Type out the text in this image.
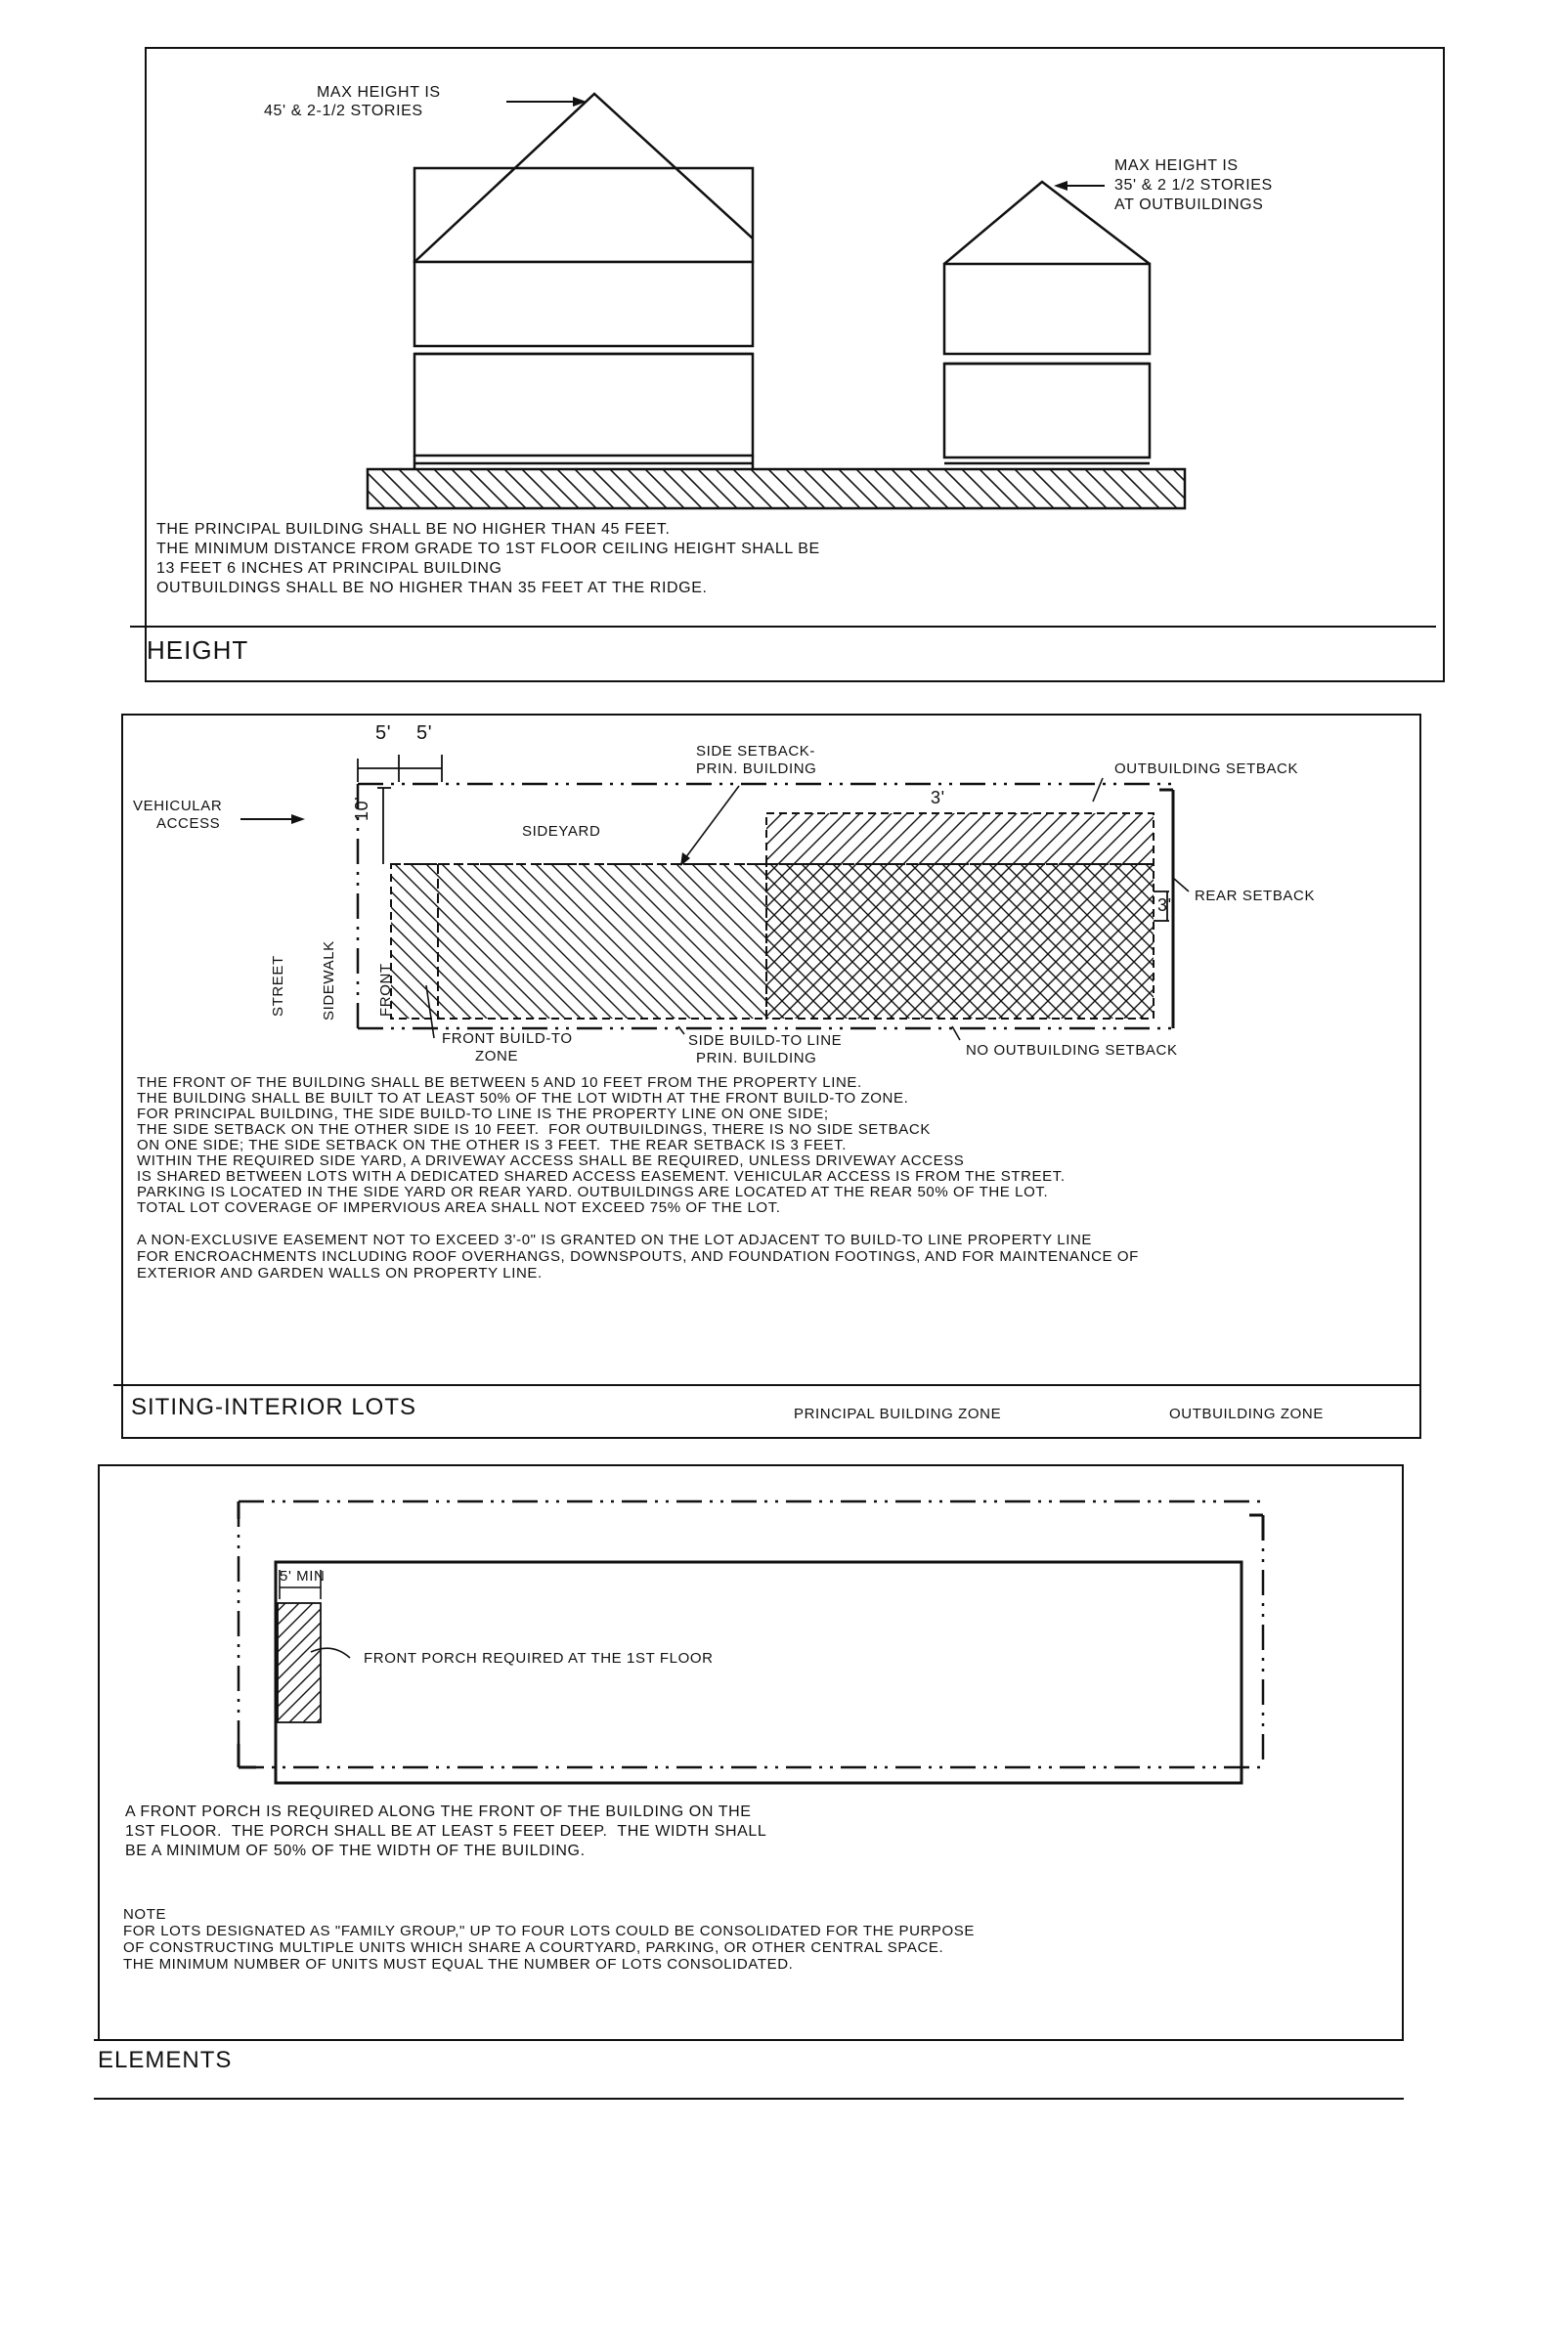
MAX HEIGHT IS
45' & 2-1/2 STORIES
MAX HEIGHT IS
35' & 2 1/2 STORIES
AT OUTBUILDINGS
THE PRINCIPAL BUILDING SHALL BE NO HIGHER THAN 45 FEET.
THE MINIMUM DISTANCE FROM GRADE TO 1ST FLOOR CEILING HEIGHT SHALL BE
13 FEET 6 INCHES AT PRINCIPAL BUILDING
OUTBUILDINGS SHALL BE NO HIGHER THAN 35 FEET AT THE RIDGE.
HEIGHT
5' 5'
10'	3'
3'
SIDE SETBACK-
PRIN. BUILDING	OUTBUILDING SETBACK
VEHICULAR
ACCESS	SIDEYARD
REAR SETBACK
STREET SIDEWALK	FRONT
FRONT BUILD-TO
ZONE
SIDE BUILD-TO LINE
PRIN. BUILDING	NO OUTBUILDING SETBACK
THE FRONT OF THE BUILDING SHALL BE BETWEEN 5 AND 10 FEET FROM THE PROPERTY LINE.
THE BUILDING SHALL BE BUILT TO AT LEAST 50% OF THE LOT WIDTH AT THE FRONT BUILD-TO ZONE.
FOR PRINCIPAL BUILDING, THE SIDE BUILD-TO LINE IS THE PROPERTY LINE ON ONE SIDE;
THE SIDE SETBACK ON THE OTHER SIDE IS 10 FEET.  FOR OUTBUILDINGS, THERE IS NO SIDE SETBACK
ON ONE SIDE; THE SIDE SETBACK ON THE OTHER IS 3 FEET.  THE REAR SETBACK IS 3 FEET.
WITHIN THE REQUIRED SIDE YARD, A DRIVEWAY ACCESS SHALL BE REQUIRED, UNLESS DRIVEWAY ACCESS
IS SHARED BETWEEN LOTS WITH A DEDICATED SHARED ACCESS EASEMENT. VEHICULAR ACCESS IS FROM THE STREET.
PARKING IS LOCATED IN THE SIDE YARD OR REAR YARD. OUTBUILDINGS ARE LOCATED AT THE REAR 50% OF THE LOT.
TOTAL LOT COVERAGE OF IMPERVIOUS AREA SHALL NOT EXCEED 75% OF THE LOT.
A NON-EXCLUSIVE EASEMENT NOT TO EXCEED 3'-0" IS GRANTED ON THE LOT ADJACENT TO BUILD-TO LINE PROPERTY LINE
FOR ENCROACHMENTS INCLUDING ROOF OVERHANGS, DOWNSPOUTS, AND FOUNDATION FOOTINGS, AND FOR MAINTENANCE OF
EXTERIOR AND GARDEN WALLS ON PROPERTY LINE.
SITING-INTERIOR LOTS	PRINCIPAL BUILDING ZONE	OUTBUILDING ZONE
5' MIN
FRONT PORCH REQUIRED AT THE 1ST FLOOR
A FRONT PORCH IS REQUIRED ALONG THE FRONT OF THE BUILDING ON THE
1ST FLOOR.  THE PORCH SHALL BE AT LEAST 5 FEET DEEP.  THE WIDTH SHALL
BE A MINIMUM OF 50% OF THE WIDTH OF THE BUILDING.
NOTE
FOR LOTS DESIGNATED AS "FAMILY GROUP," UP TO FOUR LOTS COULD BE CONSOLIDATED FOR THE PURPOSE
OF CONSTRUCTING MULTIPLE UNITS WHICH SHARE A COURTYARD, PARKING, OR OTHER CENTRAL SPACE.
THE MINIMUM NUMBER OF UNITS MUST EQUAL THE NUMBER OF LOTS CONSOLIDATED.
ELEMENTS
